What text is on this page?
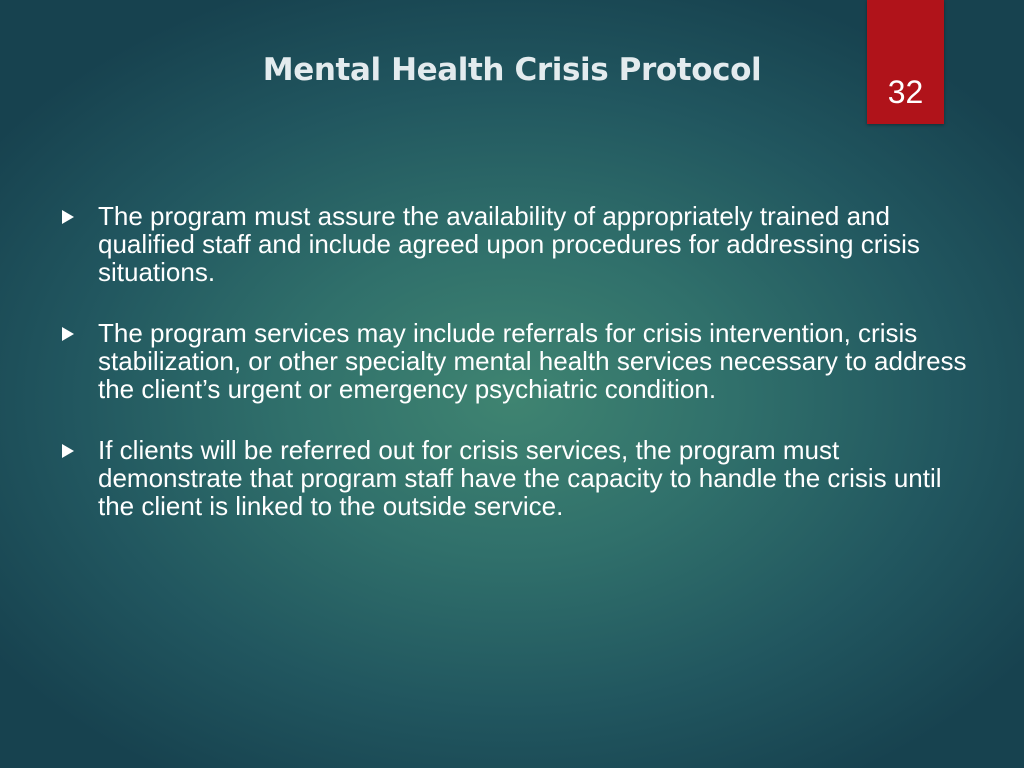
Mental Health Crisis Protocol
32
The program must assure the availability of appropriately trained and qualified staff and include agreed upon procedures for addressing crisis situations.
The program services may include referrals for crisis intervention, crisis stabilization, or other specialty mental health services necessary to address the client’s urgent or emergency psychiatric condition.
If clients will be referred out for crisis services, the program must demonstrate that program staff have the capacity to handle the crisis until the client is linked to the outside service.
